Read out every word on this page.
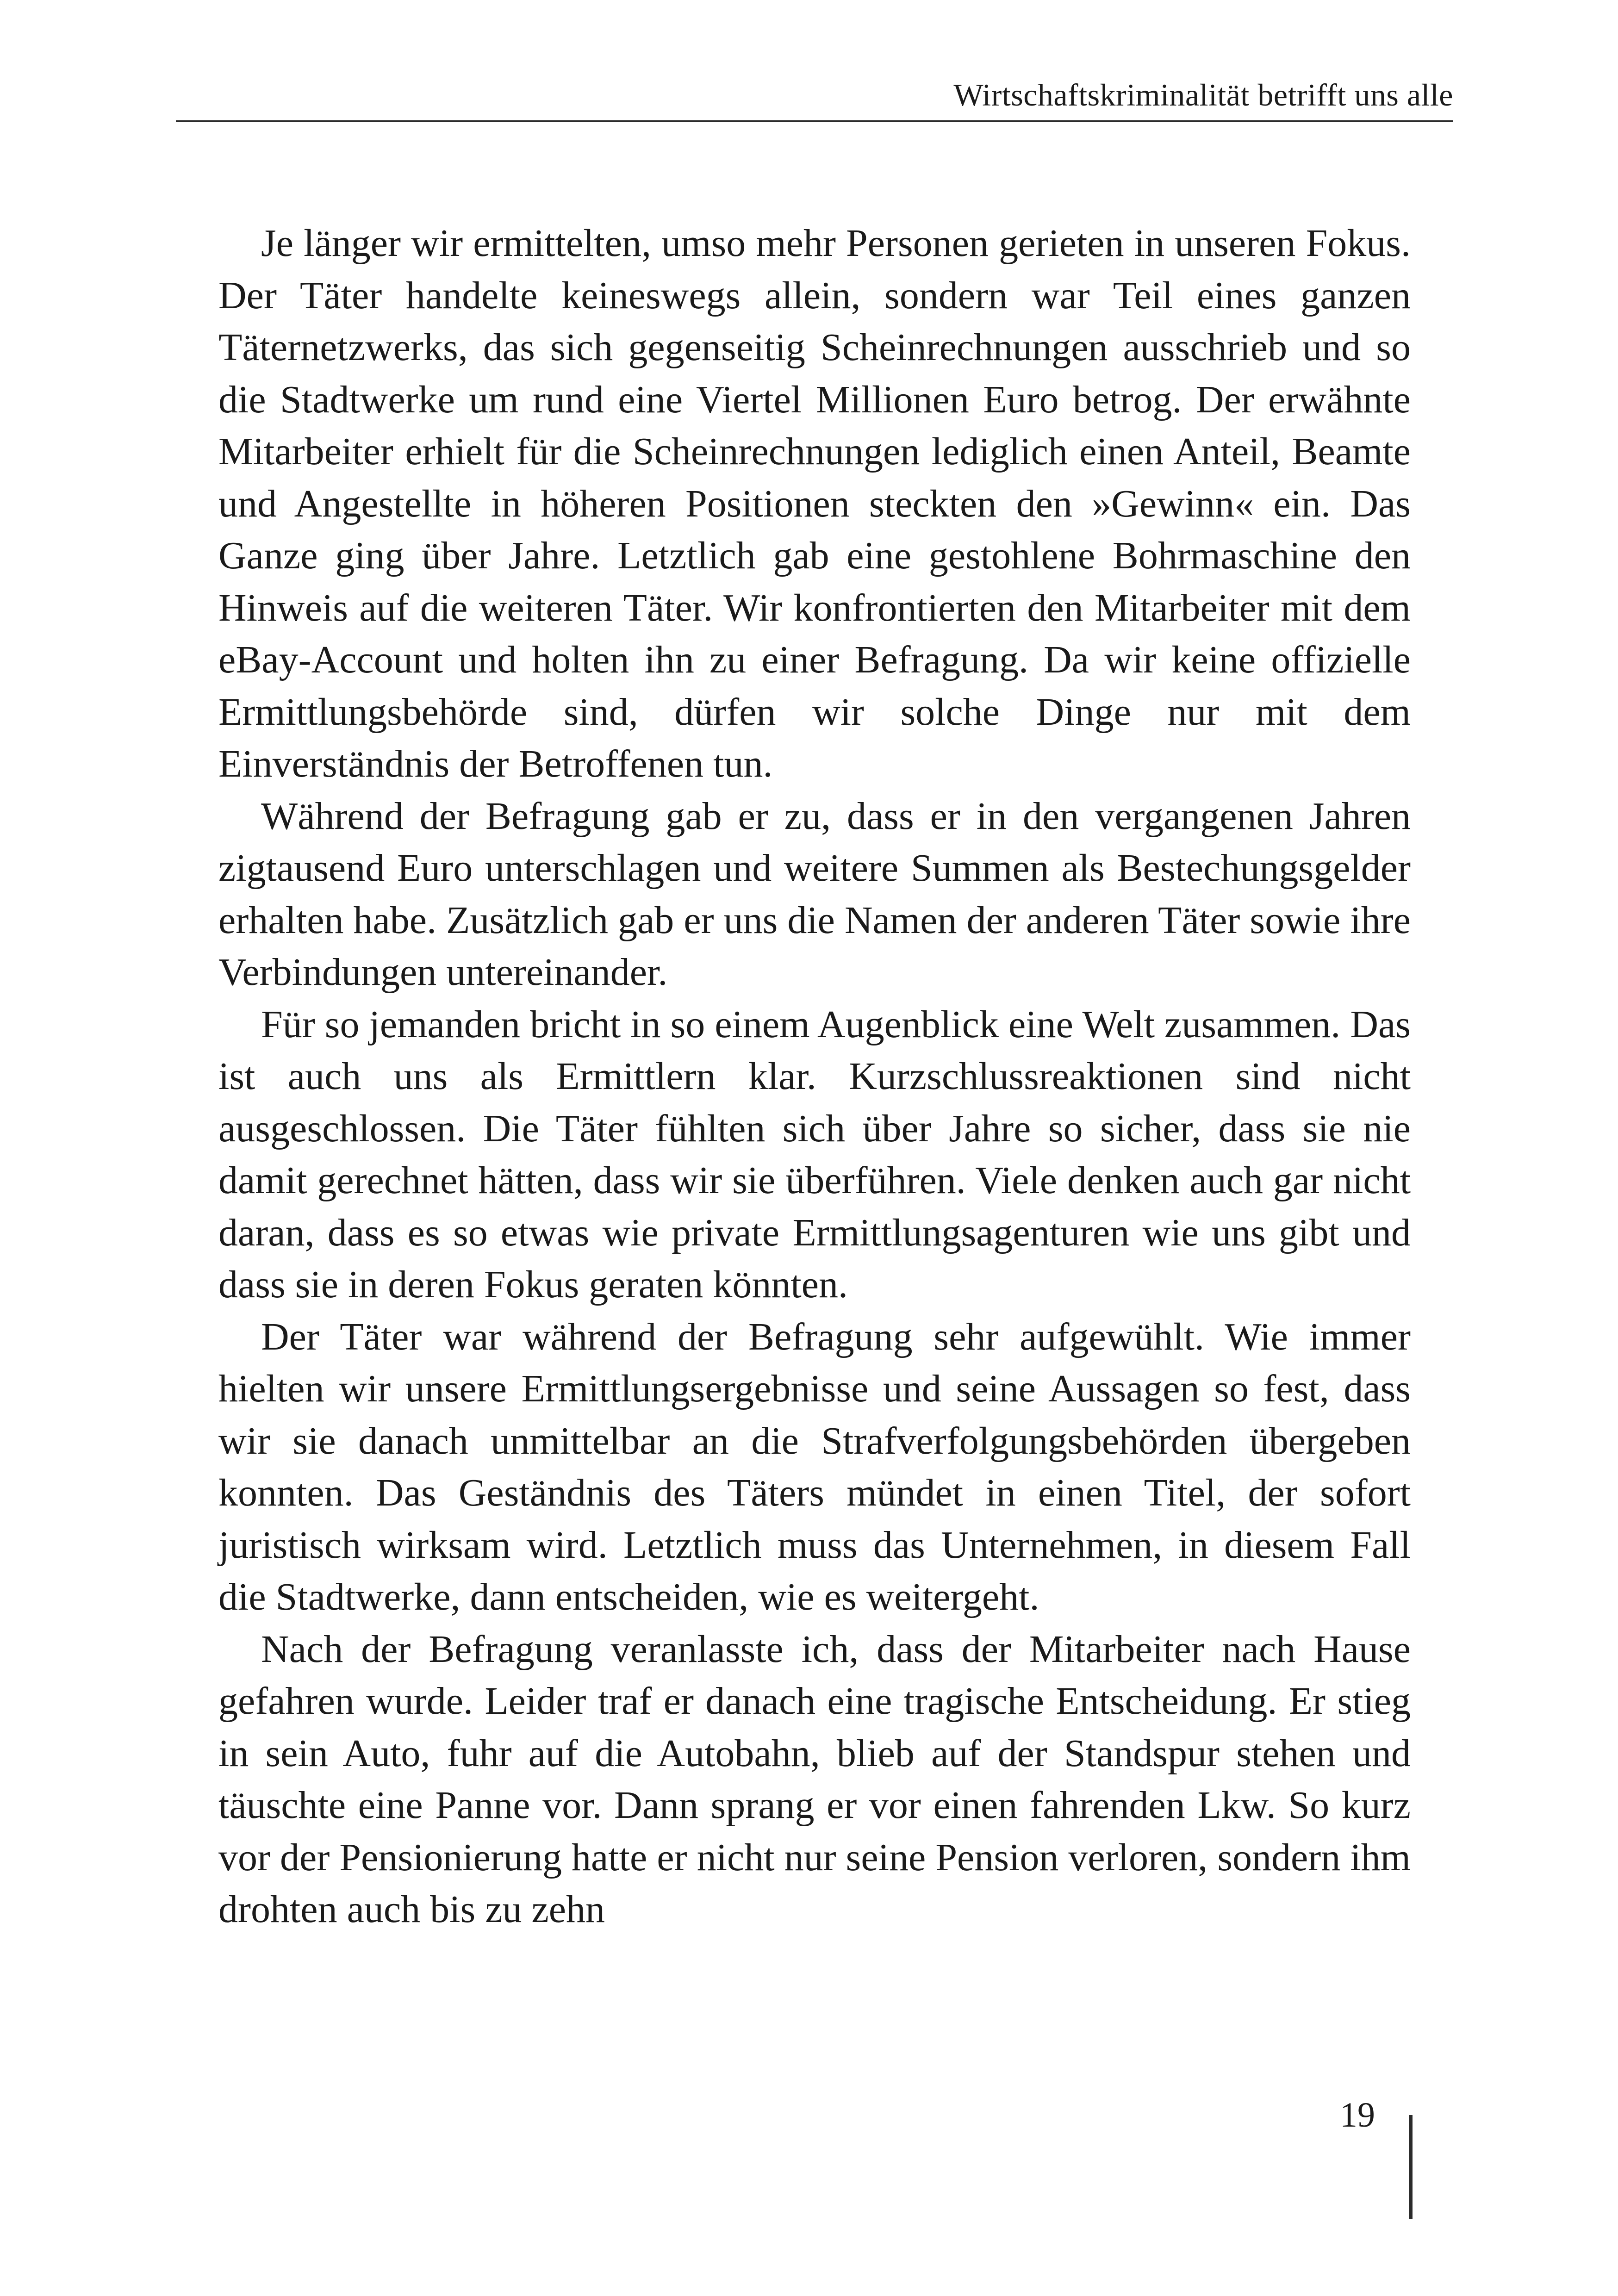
Wirtschaftskriminalität betrifft uns alle

Je länger wir ermittelten, umso mehr Personen gerieten in unseren Fokus. Der Täter handelte keineswegs allein, sondern war Teil eines ganzen Täternetzwerks, das sich gegenseitig Scheinrechnungen ausschrieb und so die Stadtwerke um rund eine Viertel Millionen Euro betrog. Der erwähnte Mitarbeiter erhielt für die Scheinrechnungen lediglich einen Anteil, Beamte und Angestellte in höheren Positionen steckten den »Gewinn« ein. Das Ganze ging über Jahre. Letztlich gab eine gestohlene Bohrmaschine den Hinweis auf die weiteren Täter. Wir konfrontierten den Mitarbeiter mit dem eBay-Account und holten ihn zu einer Befragung. Da wir keine offizielle Ermittlungsbehörde sind, dürfen wir solche Dinge nur mit dem Einverständnis der Betroffenen tun.

Während der Befragung gab er zu, dass er in den vergangenen Jahren zigtausend Euro unterschlagen und weitere Summen als Bestechungsgelder erhalten habe. Zusätzlich gab er uns die Namen der anderen Täter sowie ihre Verbindungen untereinander.

Für so jemanden bricht in so einem Augenblick eine Welt zusammen. Das ist auch uns als Ermittlern klar. Kurzschlussreaktionen sind nicht ausgeschlossen. Die Täter fühlten sich über Jahre so sicher, dass sie nie damit gerechnet hätten, dass wir sie überführen. Viele denken auch gar nicht daran, dass es so etwas wie private Ermittlungsagenturen wie uns gibt und dass sie in deren Fokus geraten könnten.

Der Täter war während der Befragung sehr aufgewühlt. Wie immer hielten wir unsere Ermittlungsergebnisse und seine Aussagen so fest, dass wir sie danach unmittelbar an die Strafverfolgungsbehörden übergeben konnten. Das Geständnis des Täters mündet in einen Titel, der sofort juristisch wirksam wird. Letztlich muss das Unternehmen, in diesem Fall die Stadtwerke, dann entscheiden, wie es weitergeht.

Nach der Befragung veranlasste ich, dass der Mitarbeiter nach Hause gefahren wurde. Leider traf er danach eine tragische Entscheidung. Er stieg in sein Auto, fuhr auf die Autobahn, blieb auf der Standspur stehen und täuschte eine Panne vor. Dann sprang er vor einen fahrenden Lkw. So kurz vor der Pensionierung hatte er nicht nur seine Pension verloren, sondern ihm drohten auch bis zu zehn

19
